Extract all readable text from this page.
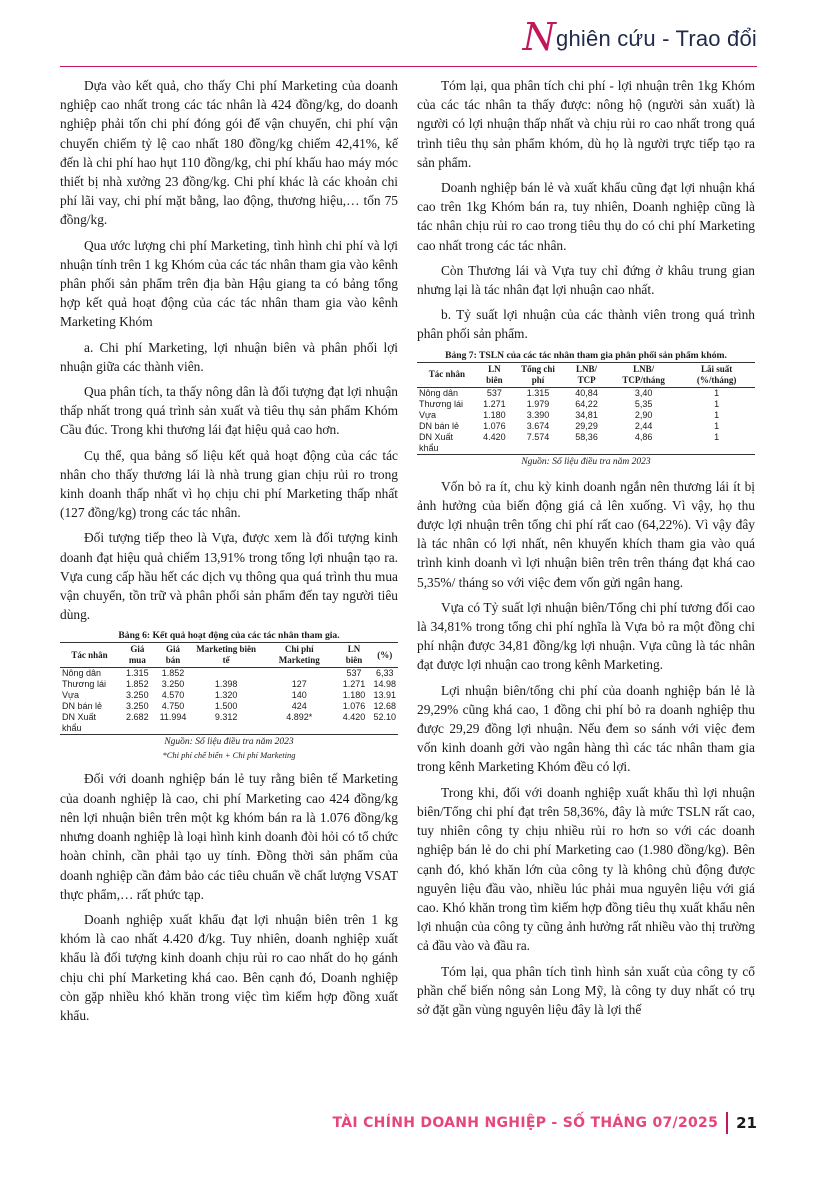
Nghiên cứu - Trao đổi

Dựa vào kết quả, cho thấy Chi phí Marketing của doanh nghiệp cao nhất trong các tác nhân là 424 đồng/kg, do doanh nghiệp phải tốn chi phí đóng gói để vận chuyển, chi phí vận chuyển chiếm tỷ lệ cao nhất 180 đồng/kg chiếm 42,41%, kế đến là chi phí hao hụt 110 đồng/kg, chi phí khấu hao máy móc thiết bị nhà xưởng 23 đồng/kg. Chi phí khác là các khoản chi phí lãi vay, chi phí mặt bằng, lao động, thương hiệu,… tốn 75 đồng/kg.

Qua ước lượng chi phí Marketing, tình hình chi phí và lợi nhuận tính trên 1 kg Khóm của các tác nhân tham gia vào kênh phân phối sản phẩm trên địa bàn Hậu giang ta có bảng tổng hợp kết quả hoạt động của các tác nhân tham gia vào kênh Marketing Khóm

a. Chi phí Marketing, lợi nhuận biên và phân phối lợi nhuận giữa các thành viên.

Qua phân tích, ta thấy nông dân là đối tượng đạt lợi nhuận thấp nhất trong quá trình sản xuất và tiêu thụ sản phẩm Khóm Cầu đúc. Trong khi thương lái đạt hiệu quả cao hơn.

Cụ thể, qua bảng số liệu kết quả hoạt động của các tác nhân cho thấy thương lái là nhà trung gian chịu rủi ro trong kinh doanh thấp nhất vì họ chịu chi phí Marketing thấp nhất (127 đồng/kg) trong các tác nhân.

Đối tượng tiếp theo là Vựa, được xem là đối tượng kinh doanh đạt hiệu quả chiếm 13,91% trong tổng lợi nhuận tạo ra. Vựa cung cấp hầu hết các dịch vụ thông qua quá trình thu mua vận chuyển, tồn trữ và phân phối sản phẩm đến tay người tiêu dùng.

Bảng 6: Kết quả hoạt động của các tác nhân tham gia.
Tác nhân	Giá mua	Giá bán	Marketing biên tế	Chi phí Marketing	LN biên	(%)
Nông dân	1.315	1.852			537	6,33
Thương lái	1.852	3.250	1.398	127	1.271	14.98
Vựa	3.250	4.570	1.320	140	1.180	13.91
DN bán lẻ	3.250	4.750	1.500	424	1.076	12.68
DN Xuất khẩu	2.682	11.994	9.312	4.892*	4.420	52.10
Nguồn: Số liệu điều tra năm 2023
*Chi phí chế biến + Chi phí Marketing

Đối với doanh nghiệp bán lẻ tuy rằng biên tế Marketing của doanh nghiệp là cao, chi phí Marketing cao 424 đồng/kg nên lợi nhuận biên trên một kg khóm bán ra là 1.076 đồng/kg nhưng doanh nghiệp là loại hình kinh doanh đòi hỏi có tổ chức hoàn chỉnh, cần phải tạo uy tính. Đồng thời sản phẩm của doanh nghiệp cần đảm bảo các tiêu chuẩn về chất lượng VSAT thực phẩm,… rất phức tạp.

Doanh nghiệp xuất khẩu đạt lợi nhuận biên trên 1 kg khóm là cao nhất 4.420 đ/kg. Tuy nhiên, doanh nghiệp xuất khẩu là đối tượng kinh doanh chịu rủi ro cao nhất do họ gánh chịu chi phí Marketing khá cao. Bên cạnh đó, Doanh nghiệp còn gặp nhiều khó khăn trong việc tìm kiếm hợp đồng xuất khẩu.

Tóm lại, qua phân tích chi phí - lợi nhuận trên 1kg Khóm của các tác nhân ta thấy được: nông hộ (người sản xuất) là người có lợi nhuận thấp nhất và chịu rủi ro cao nhất trong quá trình tiêu thụ sản phẩm khóm, dù họ là người trực tiếp tạo ra sản phẩm.

Doanh nghiệp bán lẻ và xuất khẩu cũng đạt lợi nhuận khá cao trên 1kg Khóm bán ra, tuy nhiên, Doanh nghiệp cũng là tác nhân chịu rủi ro cao trong tiêu thụ do có chi phí Marketing cao nhất trong các tác nhân.

Còn Thương lái và Vựa tuy chỉ đứng ở khâu trung gian nhưng lại là tác nhân đạt lợi nhuận cao nhất.

b. Tỷ suất lợi nhuận của các thành viên trong quá trình phân phối sản phẩm.

Bảng 7: TSLN của các tác nhân tham gia phân phối sản phẩm khóm.
Tác nhân	LN biên	Tổng chi phí	LNB/ TCP	LNB/ TCP/tháng	Lãi suất (%/tháng)
Nông dân	537	1.315	40,84	3,40	1
Thương lái	1.271	1.979	64,22	5,35	1
Vựa	1.180	3.390	34,81	2,90	1
DN bán lẻ	1.076	3.674	29,29	2,44	1
DN Xuất khẩu	4.420	7.574	58,36	4,86	1
Nguồn: Số liệu điều tra năm 2023

Vốn bỏ ra ít, chu kỳ kinh doanh ngắn nên thương lái ít bị ảnh hưởng của biến động giá cả lên xuống. Vì vậy, họ thu được lợi nhuận trên tổng chi phí rất cao (64,22%). Vì vậy đây là tác nhân có lợi nhất, nên khuyến khích tham gia vào quá trình kinh doanh vì lợi nhuận biên trên trên tháng đạt khá cao 5,35%/ tháng so với việc đem vốn gửi ngân hang.

Vựa có Tỷ suất lợi nhuận biên/Tổng chi phí tương đối cao là 34,81% trong tổng chi phí nghĩa là Vựa bỏ ra một đồng chi phí nhận được 34,81 đồng/kg lợi nhuận. Vựa cũng là tác nhân đạt được lợi nhuận cao trong kênh Marketing.

Lợi nhuận biên/tổng chi phí của doanh nghiệp bán lẻ là 29,29% cũng khá cao, 1 đồng chi phí bỏ ra doanh nghiệp thu được 29,29 đồng lợi nhuận. Nếu đem so sánh với việc đem vốn kinh doanh gởi vào ngân hàng thì các tác nhân tham gia trong kênh Marketing Khóm đều có lợi.

Trong khi, đối với doanh nghiệp xuất khẩu thì lợi nhuận biên/Tổng chi phí đạt trên 58,36%, đây là mức TSLN rất cao, tuy nhiên công ty chịu nhiều rủi ro hơn so với các doanh nghiệp bán lẻ do chi phí Marketing cao (1.980 đồng/kg). Bên cạnh đó, khó khăn lớn của công ty là không chủ động được nguyên liệu đầu vào, nhiều lúc phải mua nguyên liệu với giá cao. Khó khăn trong tìm kiếm hợp đồng tiêu thụ xuất khẩu nên lợi nhuận của công ty cũng ảnh hưởng rất nhiều vào thị trường cả đầu vào và đầu ra.

Tóm lại, qua phân tích tình hình sản xuất của công ty cổ phần chế biến nông sản Long Mỹ, là công ty duy nhất có trụ sở đặt gần vùng nguyên liệu đây là lợi thế

TÀI CHÍNH DOANH NGHIỆP - SỐ THÁNG 07/2025 21
